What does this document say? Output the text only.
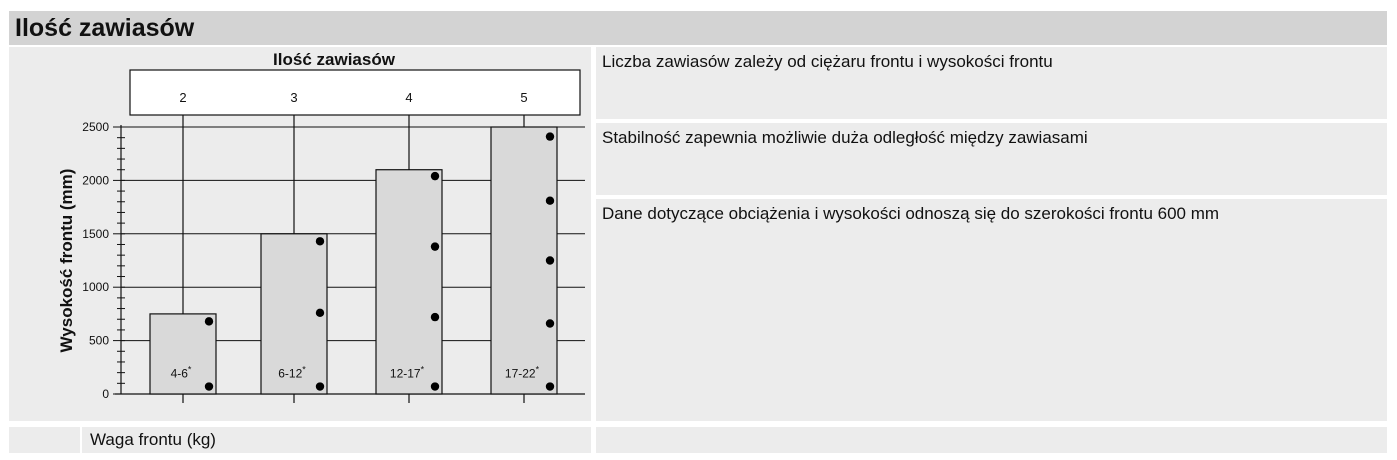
Ilość zawiasów
Liczba zawiasów zależy od ciężaru frontu i wysokości frontu
Stabilność zapewnia możliwie duża odległość między zawiasami
Dane dotyczące obciążenia i wysokości odnoszą się do szerokości frontu 600 mm
Waga frontu (kg)
Ilość zawiasów
2	3	4	5
0
500
1000
1500
2000
2500
Wysokość frontu (mm)
4-6*	6-12*	12-17*	17-22*
